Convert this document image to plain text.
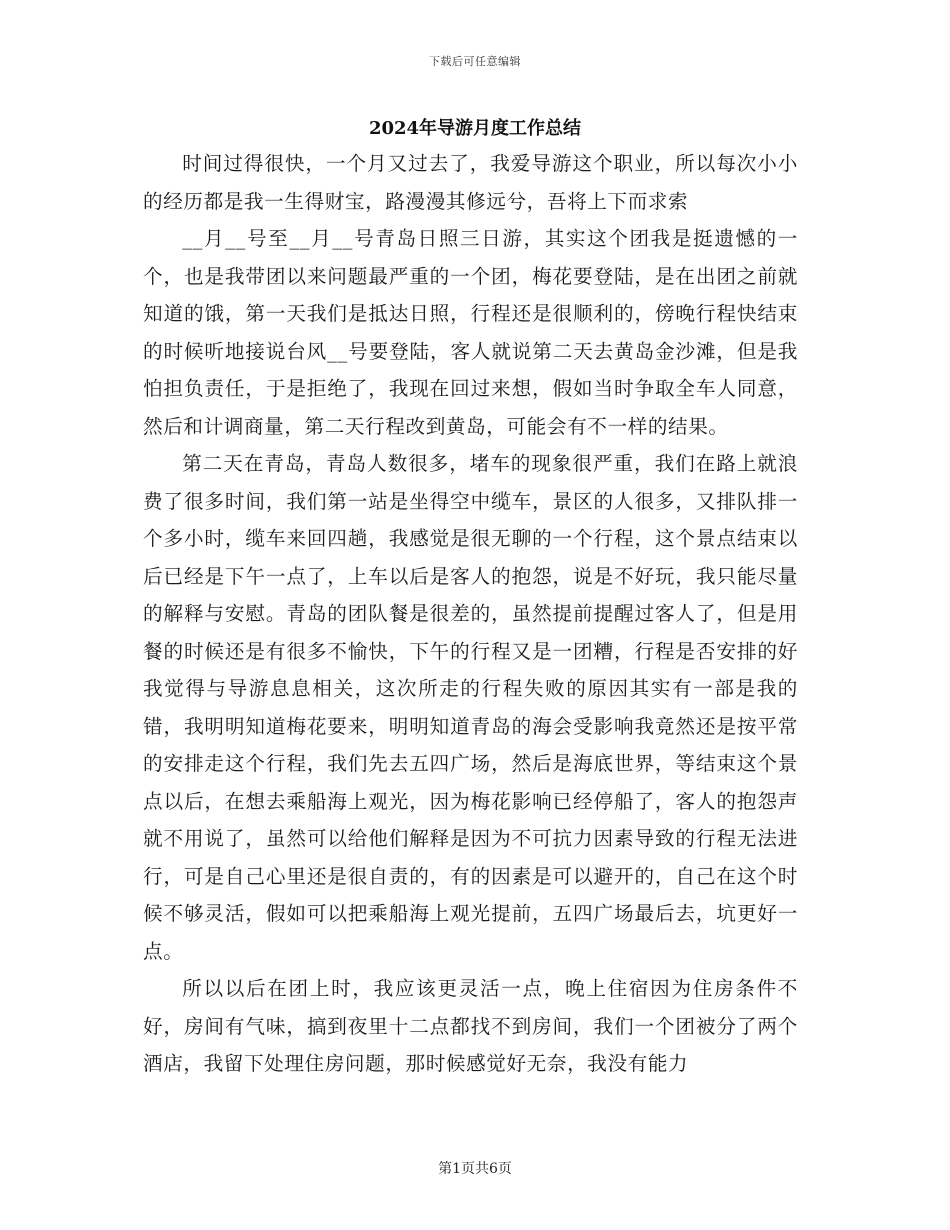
下载后可任意编辑
2024年导游月度工作总结

时间过得很快，一个月又过去了，我爱导游这个职业，所以每次小小的经历都是我一生得财宝，路漫漫其修远兮，吾将上下而求索

__月__号至__月__号青岛日照三日游，其实这个团我是挺遗憾的一个，也是我带团以来问题最严重的一个团，梅花要登陆，是在出团之前就知道的饿，第一天我们是抵达日照，行程还是很顺利的，傍晚行程快结束的时候听地接说台风__号要登陆，客人就说第二天去黄岛金沙滩，但是我怕担负责任，于是拒绝了，我现在回过来想，假如当时争取全车人同意，然后和计调商量，第二天行程改到黄岛，可能会有不一样的结果。

第二天在青岛，青岛人数很多，堵车的现象很严重，我们在路上就浪费了很多时间，我们第一站是坐得空中缆车，景区的人很多，又排队排一个多小时，缆车来回四趟，我感觉是很无聊的一个行程，这个景点结束以后已经是下午一点了，上车以后是客人的抱怨，说是不好玩，我只能尽量的解释与安慰。青岛的团队餐是很差的，虽然提前提醒过客人了，但是用餐的时候还是有很多不愉快，下午的行程又是一团糟，行程是否安排的好我觉得与导游息息相关，这次所走的行程失败的原因其实有一部是我的错，我明明知道梅花要来，明明知道青岛的海会受影响我竟然还是按平常的安排走这个行程，我们先去五四广场，然后是海底世界，等结束这个景点以后，在想去乘船海上观光，因为梅花影响已经停船了，客人的抱怨声就不用说了，虽然可以给他们解释是因为不可抗力因素导致的行程无法进行，可是自己心里还是很自责的，有的因素是可以避开的，自己在这个时候不够灵活，假如可以把乘船海上观光提前，五四广场最后去，坑更好一点。

所以以后在团上时，我应该更灵活一点，晚上住宿因为住房条件不好，房间有气味，搞到夜里十二点都找不到房间，我们一个团被分了两个酒店，我留下处理住房问题，那时候感觉好无奈，我没有能力

第1页共6页
